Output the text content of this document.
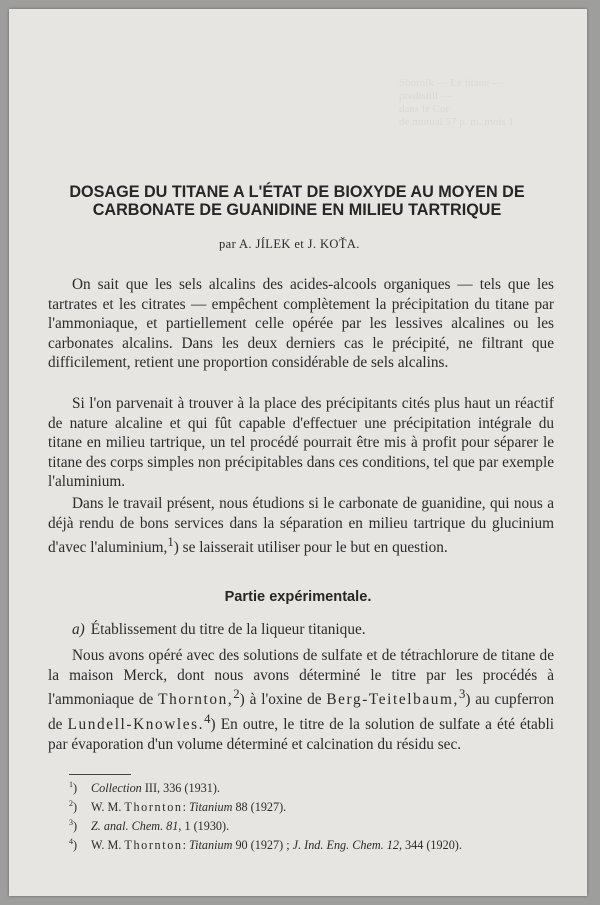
Sbornik — Le titane —
predistill —
dans le Cor
de mutual 57 p. m. mois 1
DOSAGE DU TITANE A L'ÉTAT DE BIOXYDE AU MOYEN DE CARBONATE DE GUANIDINE EN MILIEU TARTRIQUE

par A. JÍLEK et J. KOŤA.

On sait que les sels alcalins des acides-alcools organiques — tels que les tartrates et les citrates — empêchent complètement la précipitation du titane par l'ammoniaque, et partiellement celle opérée par les lessives alcalines ou les carbonates alcalins. Dans les deux derniers cas le précipité, ne filtrant que difficilement, retient une proportion considérable de sels alcalins.

Si l'on parvenait à trouver à la place des précipitants cités plus haut un réactif de nature alcaline et qui fût capable d'effectuer une précipitation intégrale du titane en milieu tartrique, un tel procédé pourrait être mis à profit pour séparer le titane des corps simples non précipitables dans ces conditions, tel que par exemple l'aluminium.

Dans le travail présent, nous étudions si le carbonate de guanidine, qui nous a déjà rendu de bons services dans la séparation en milieu tartrique du glucinium d'avec l'aluminium,$^1$) se laisserait utiliser pour le but en question.

Partie expérimentale.

a) Établissement du titre de la liqueur titanique.

Nous avons opéré avec des solutions de sulfate et de tétrachlorure de titane de la maison Merck, dont nous avons déterminé le titre par les procédés à l'ammoniaque de Thornton,$^2$) à l'oxine de Berg-Teitelbaum,$^3$) au cupferron de Lundell-Knowles.$^4$) En outre, le titre de la solution de sulfate a été établi par évaporation d'un volume déterminé et calcination du résidu sec.

$^1$) Collection III, 336 (1931).
$^2$) W. M. Thornton: Titanium 88 (1927).
$^3$) Z. anal. Chem. 81, 1 (1930).
$^4$) W. M. Thornton: Titanium 90 (1927) ; J. Ind. Eng. Chem. 12, 344 (1920).
